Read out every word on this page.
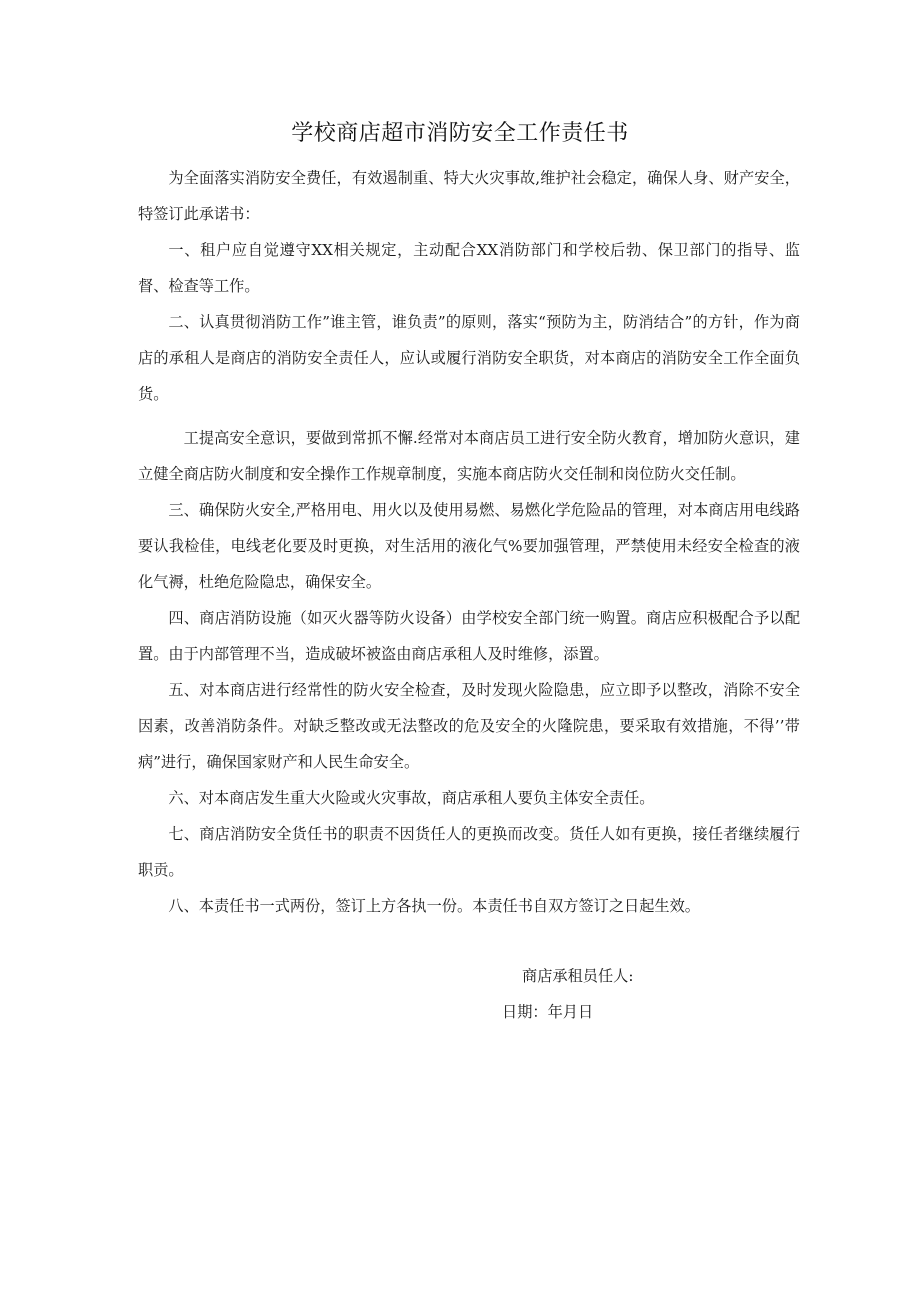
学校商店超市消防安全工作责任书

为全面落实消防安全费任，有效遏制重、特大火灾事故,维护社会稳定，确保人身、财产安全，特签订此承诺书：

一、租户应自觉遵守XX相关规定，主动配合XX消防部门和学校后勃、保卫部门的指导、监督、检查等工作。

二、认真贯彻消防工作”谁主管，谁负责”的原则，落实“预防为主，防消结合”的方针，作为商店的承租人是商店的消防安全责任人，应认或履行消防安全职货，对本商店的消防安全工作全面负货。

工提高安全意识，要做到常抓不懈.经常对本商店员工进行安全防火教育，增加防火意识，建立健全商店防火制度和安全操作工作规章制度，实施本商店防火交任制和岗位防火交任制。

三、确保防火安全,严格用电、用火以及使用易燃、易燃化学危险品的管理，对本商店用电线路要认我检佳，电线老化要及时更换，对生活用的液化气%要加强管理，严禁使用未经安全检查的液化气褥，杜绝危险隐忠，确保安全。

四、商店消防设施（如灭火器等防火设备）由学校安全部门统一购置。商店应积极配合予以配置。由于内部管理不当，造成破坏被盗由商店承租人及时维修，添置。

五、对本商店进行经常性的防火安全检查，及时发现火险隐患，应立即予以整改，消除不安全因素，改善消防条件。对缺乏整改或无法整改的危及安全的火隆院患，要采取有效措施，不得’’带病”进行，确保国家财产和人民生命安全。

六、对本商店发生重大火险或火灾事故，商店承租人要负主体安全责任。

七、商店消防安全货任书的职责不因货任人的更换而改变。货任人如有更换，接任者继续履行职贡。

八、本责任书一式两份，签订上方各执一份。本责任书自双方签订之日起生效。

商店承租员任人:
日期：年月日
